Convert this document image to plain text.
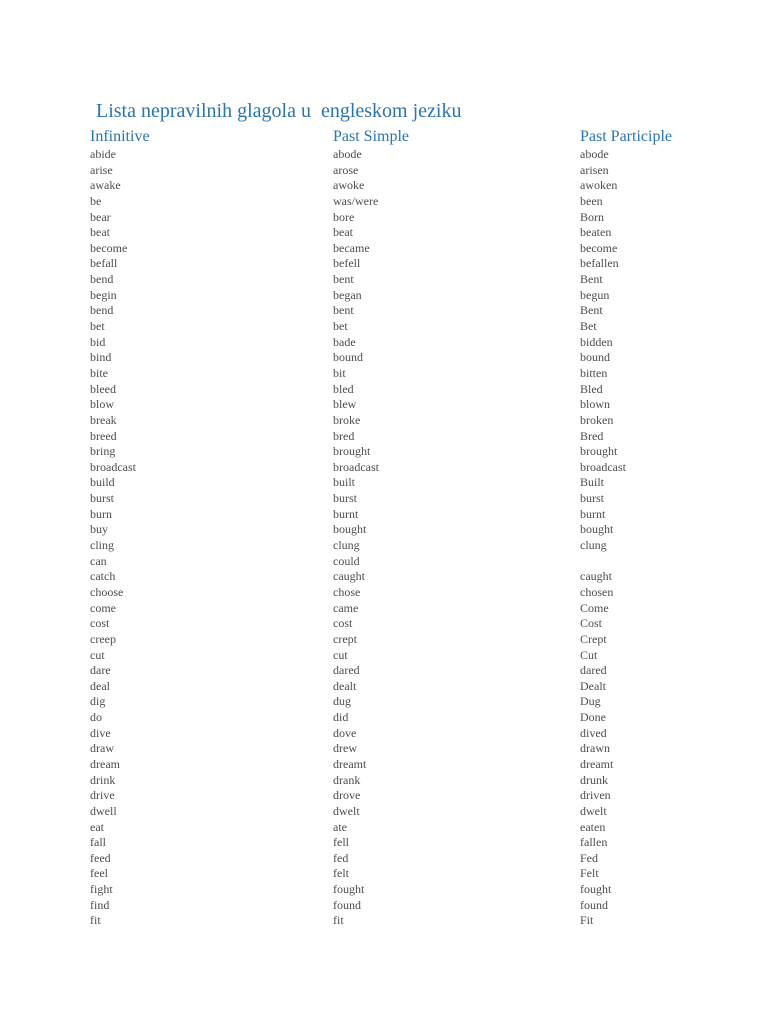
Lista nepravilnih glagola u  engleskom jeziku
Infinitive	Past Simple	Past Participle
abide
arise
awake
be
bear
beat
become
befall
bend
begin
bend
bet
bid
bind
bite
bleed
blow
break
breed
bring
broadcast
build
burst
burn
buy
cling
can
catch
choose
come
cost
creep
cut
dare
deal
dig
do
dive
draw
dream
drink
drive
dwell
eat
fall
feed
feel
fight
find
fit
abode
arose
awoke
was/were
bore
beat
became
befell
bent
began
bent
bet
bade
bound
bit
bled
blew
broke
bred
brought
broadcast
built
burst
burnt
bought
clung
could
caught
chose
came
cost
crept
cut
dared
dealt
dug
did
dove
drew
dreamt
drank
drove
dwelt
ate
fell
fed
felt
fought
found
fit
abode
arisen
awoken
been
Born
beaten
become
befallen
Bent
begun
Bent
Bet
bidden
bound
bitten
Bled
blown
broken
Bred
brought
broadcast
Built
burst
burnt
bought
clung
caught
chosen
Come
Cost
Crept
Cut
dared
Dealt
Dug
Done
dived
drawn
dreamt
drunk
driven
dwelt
eaten
fallen
Fed
Felt
fought
found
Fit
